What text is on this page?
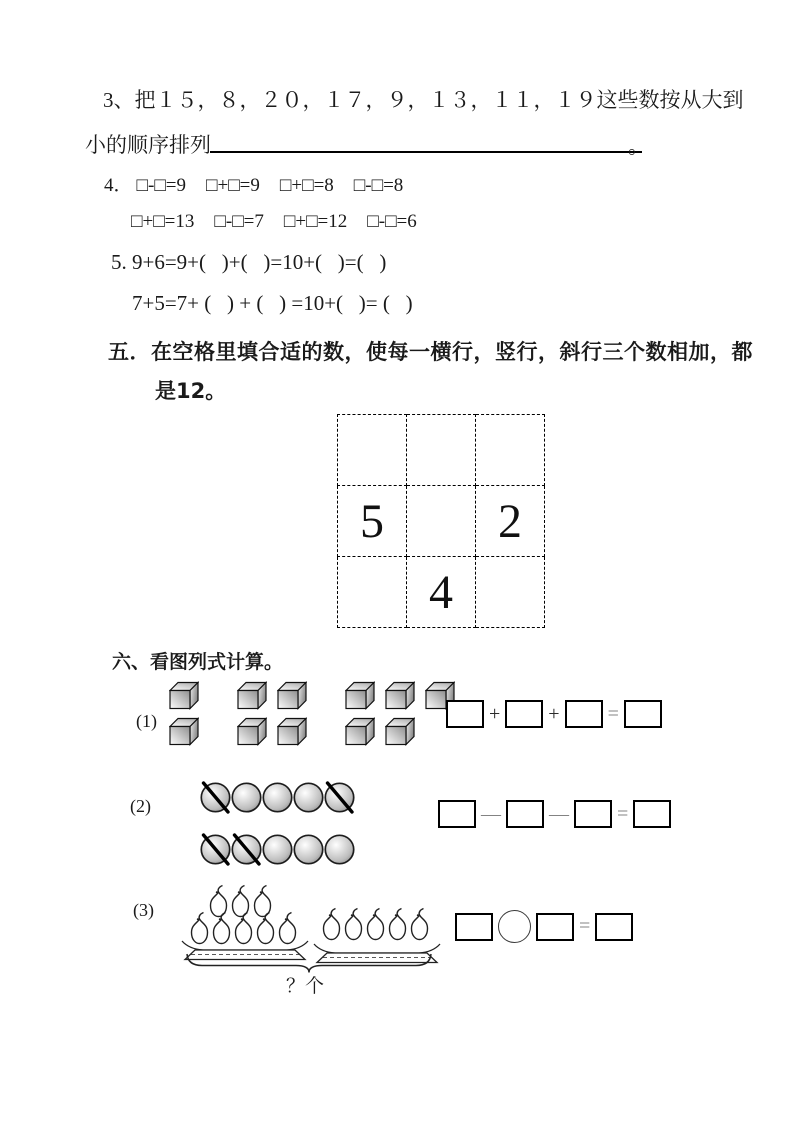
3、把１５，８，２０，１７，９，１３，１１，１９这些数按从大到
小的顺序排列	。
4． □-□=9 □+□=9 □+□=8 □-□=8
□+□=13 □-□=7 □+□=12 □-□=6
5. 9+6=9+(   )+(   )=10+(   )=(   )
7+5=7+ (   ) + (   ) =10+(   )= (   )
五．在空格里填合适的数，使每一横行，竖行，斜行三个数相加，都
是12。

5		2
	4	
六、看图列式计算。
(1)	+ + =
(2)	— — =
(3)
？个
=
